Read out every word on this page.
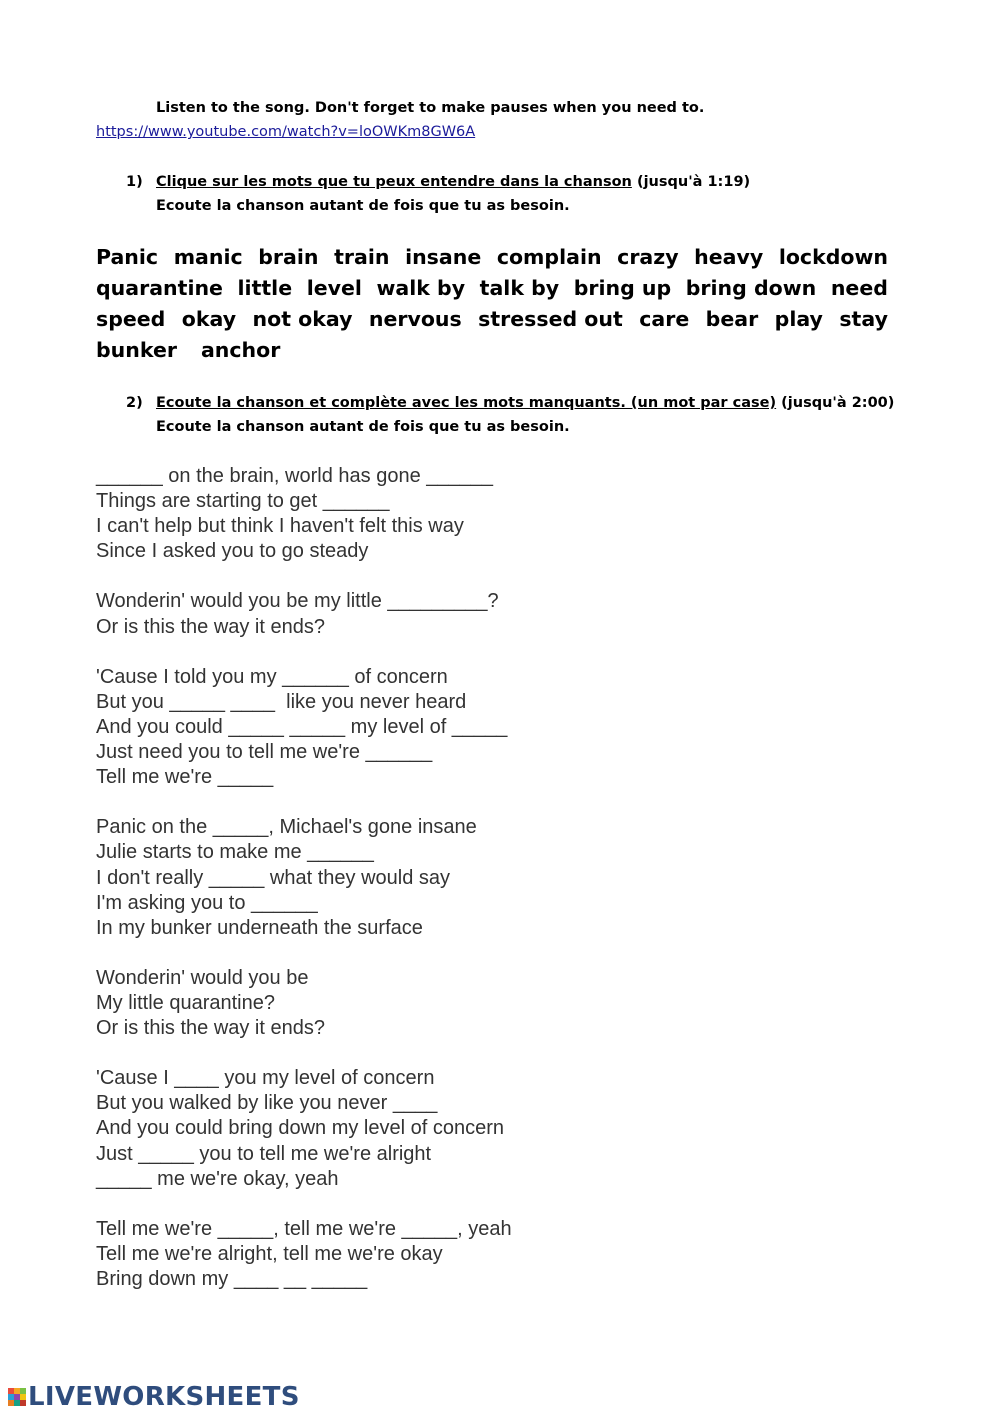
Listen to the song. Don't forget to make pauses when you need to.
https://www.youtube.com/watch?v=loOWKm8GW6A
1) Clique sur les mots que tu peux entendre dans la chanson (jusqu'à 1:19)
Ecoute la chanson autant de fois que tu as besoin.
Panic manic brain train insane complain crazy heavy lockdown
quarantine little level walk by talk by bring up bring down need
speed okay not okay nervous stressed out care bear play stay
bunker anchor
2) Ecoute la chanson et complète avec les mots manquants. (un mot par case) (jusqu'à 2:00)
Ecoute la chanson autant de fois que tu as besoin.
______ on the brain, world has gone ______
Things are starting to get ______
I can't help but think I haven't felt this way
Since I asked you to go steady
Wonderin' would you be my little _________?
Or is this the way it ends?
'Cause I told you my ______ of concern
But you _____ ____  like you never heard
And you could _____ _____ my level of _____
Just need you to tell me we're ______
Tell me we're _____
Panic on the _____, Michael's gone insane
Julie starts to make me ______
I don't really _____ what they would say
I'm asking you to ______
In my bunker underneath the surface
Wonderin' would you be
My little quarantine?
Or is this the way it ends?
'Cause I ____ you my level of concern
But you walked by like you never ____
And you could bring down my level of concern
Just _____ you to tell me we're alright
_____ me we're okay, yeah
Tell me we're _____, tell me we're _____, yeah
Tell me we're alright, tell me we're okay
Bring down my ____ __ _____
LIVEWORKSHEETS
